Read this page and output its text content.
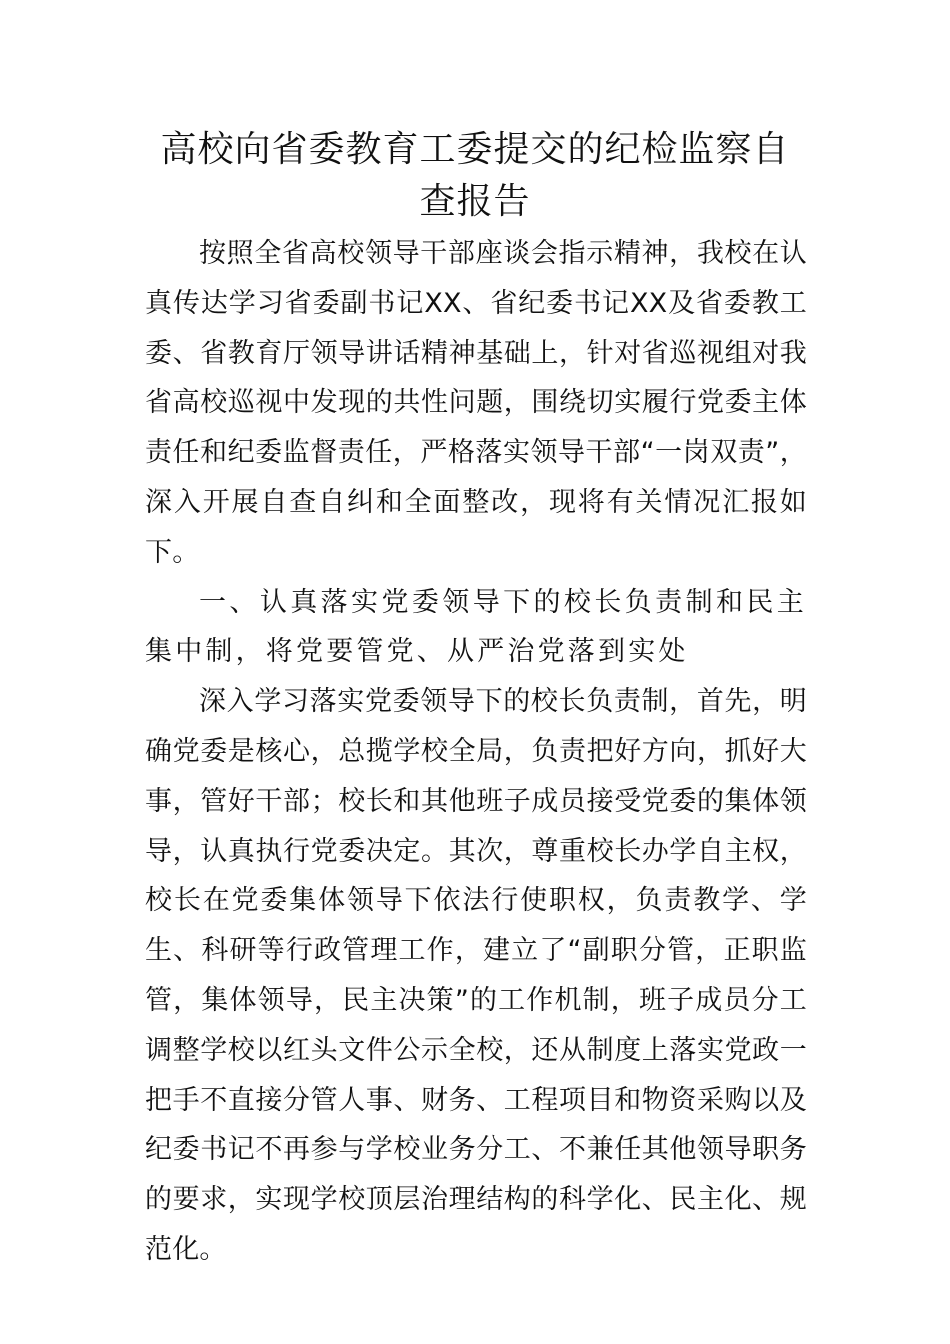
高校向省委教育工委提交的纪检监察自查报告

按照全省高校领导干部座谈会指示精神，我校在认真传达学习省委副书记XX、省纪委书记XX及省委教工委、省教育厅领导讲话精神基础上，针对省巡视组对我省高校巡视中发现的共性问题，围绕切实履行党委主体责任和纪委监督责任，严格落实领导干部“一岗双责”，深入开展自查自纠和全面整改，现将有关情况汇报如下。

一、认真落实党委领导下的校长负责制和民主集中制，将党要管党、从严治党落到实处

深入学习落实党委领导下的校长负责制，首先，明确党委是核心，总揽学校全局，负责把好方向，抓好大事，管好干部；校长和其他班子成员接受党委的集体领导，认真执行党委决定。其次，尊重校长办学自主权，校长在党委集体领导下依法行使职权，负责教学、学生、科研等行政管理工作，建立了“副职分管，正职监管，集体领导，民主决策”的工作机制，班子成员分工调整学校以红头文件公示全校，还从制度上落实党政一把手不直接分管人事、财务、工程项目和物资采购以及纪委书记不再参与学校业务分工、不兼任其他领导职务的要求，实现学校顶层治理结构的科学化、民主化、规范化。
